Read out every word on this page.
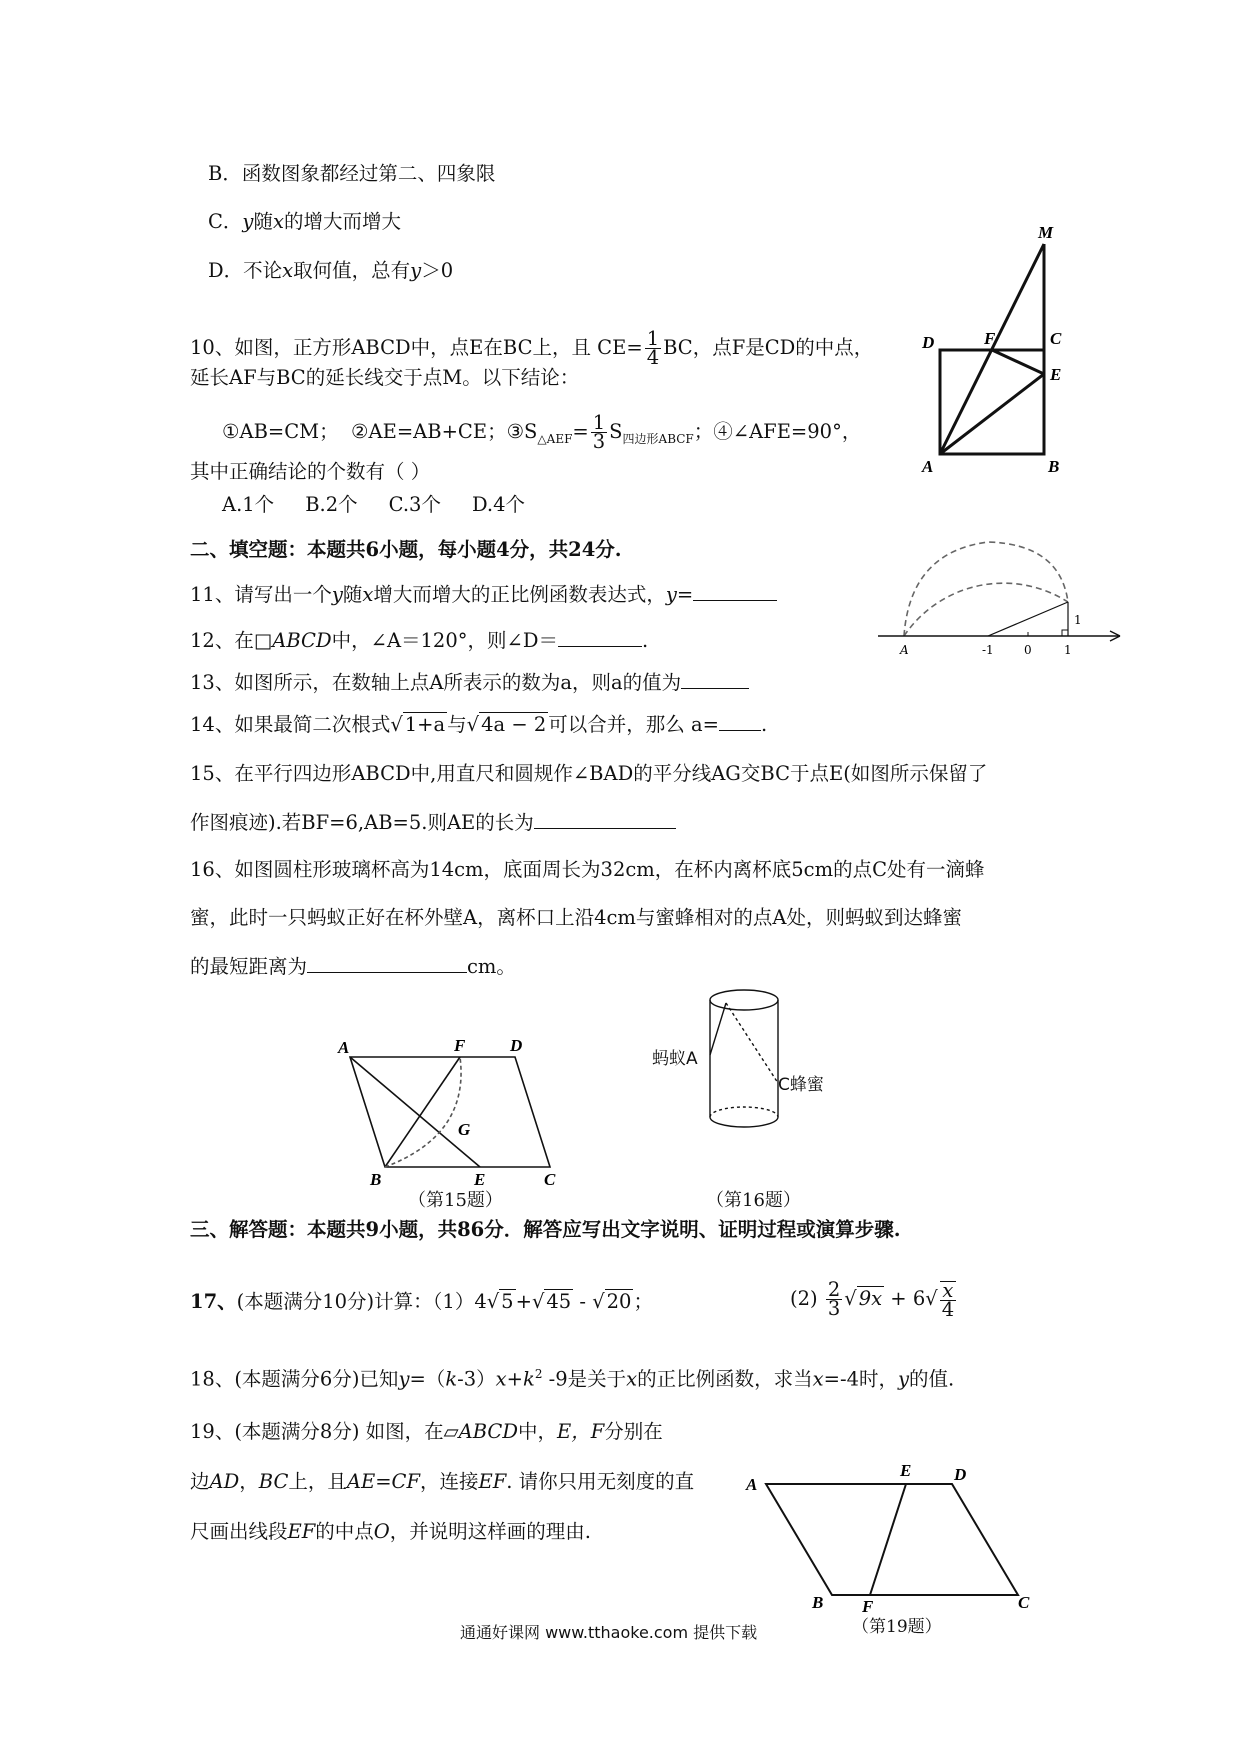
B．函数图象都经过第二、四象限
C．y随x的增大而增大
D．不论x取何值，总有y＞0
10、如图，正方形ABCD中，点E在BC上，且 $CE= \frac{1}{4}$ BC，点F是CD的中点，
延长AF与BC的延长线交于点M。以下结论：
①AB=CM； ②AE=AB+CE；$③S_{\triangle AEF}= \frac{1}{3} S_{四边形ABCF}$；④∠AFE=90°，
其中正确结论的个数有（ ）
A.1个 B.2个 C.3个 D.4个
M
D	F	C
E
A	B
二、填空题：本题共6小题，每小题4分，共24分.
11、请写出一个y随x增大而增大的正比例函数表达式，y=
12、在□ABCD中，∠A＝120°，则∠D＝	.
13、如图所示，在数轴上点A所表示的数为a，则a的值为
14、如果最简二次根式√ 1+a 与√ 4a − 2 可以合并，那么 a= .
A	-1	0	1
1
15、在平行四边形ABCD中,用直尺和圆规作∠BAD的平分线AG交BC于点E(如图所示保留了
作图痕迹).若BF=6,AB=5.则AE的长为
16、如图圆柱形玻璃杯高为14cm，底面周长为32cm，在杯内离杯底5cm的点C处有一滴蜂
蜜，此时一只蚂蚁正好在杯外壁A，离杯口上沿4cm与蜜蜂相对的点A处，则蚂蚁到达蜂蜜
的最短距离为	cm。
A	F	D
G
B	E	C
（第15题）
蚂蚁A
C蜂蜜
（第16题）
三、解答题：本题共9小题，共86分．解答应写出文字说明、证明过程或演算步骤.
17、(本题满分10分)计算：（1）4√ 5 +√ 45 - √ 20 ；	$(2) \frac{2}{3}$ √ $9x + 6√ \frac{x}{4}$
18、(本题满分6分)已知$y=(k-3)x+k^2$ -9是关于x的正比例函数，求当x=-4时，y的值.
19、(本题满分8分) 如图，在▱ABCD中，E，F分别在
边AD，BC上，且AE=CF，连接EF. 请你只用无刻度的直
尺画出线段EF的中点O，并说明这样画的理由.
A
E	D
B F	C
（第19题）
通通好课网 www.tthaoke.com 提供下载
